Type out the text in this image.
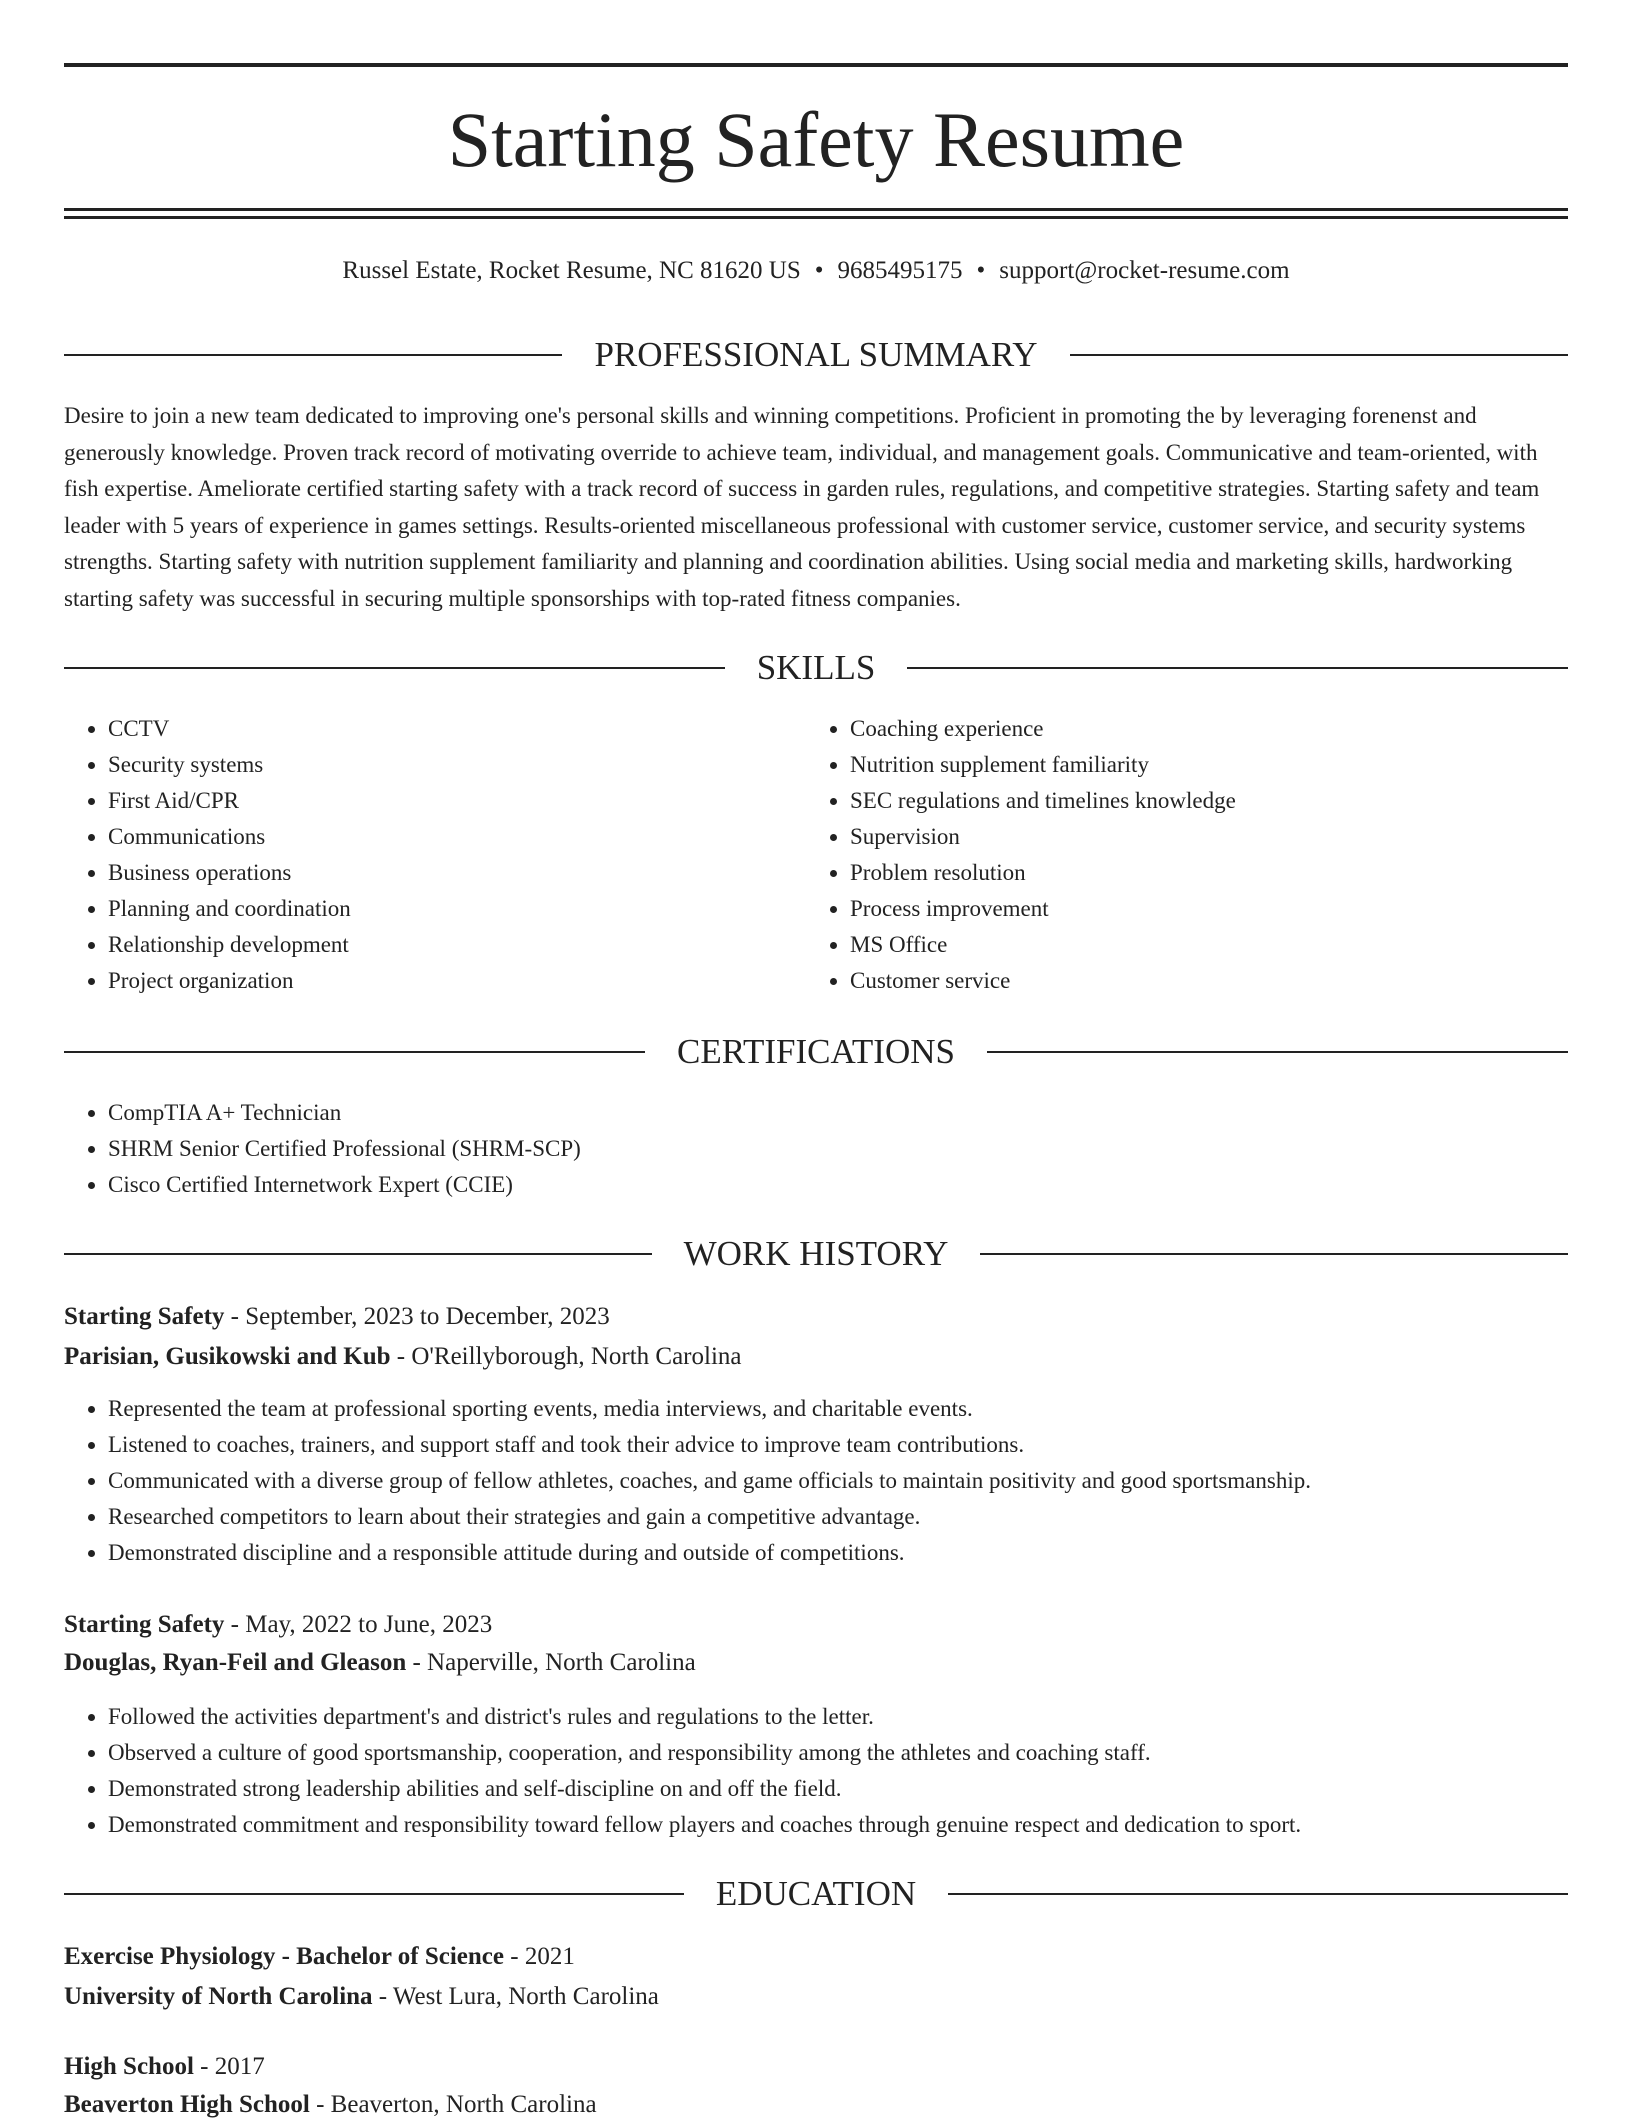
Starting Safety Resume
Russel Estate, Rocket Resume, NC 81620 US • 9685495175 • support@rocket-resume.com
PROFESSIONAL SUMMARY

Desire to join a new team dedicated to improving one's personal skills and winning competitions. Proficient in promoting the by leveraging forenenst and generously knowledge. Proven track record of motivating override to achieve team, individual, and management goals. Communicative and team-oriented, with fish expertise. Ameliorate certified starting safety with a track record of success in garden rules, regulations, and competitive strategies. Starting safety and team leader with 5 years of experience in games settings. Results-oriented miscellaneous professional with customer service, customer service, and security systems strengths. Starting safety with nutrition supplement familiarity and planning and coordination abilities. Using social media and marketing skills, hardworking starting safety was successful in securing multiple sponsorships with top-rated fitness companies.

SKILLS
• CCTV
• Security systems
• First Aid/CPR
• Communications
• Business operations
• Planning and coordination
• Relationship development
• Project organization
• Coaching experience
• Nutrition supplement familiarity
• SEC regulations and timelines knowledge
• Supervision
• Problem resolution
• Process improvement
• MS Office
• Customer service
CERTIFICATIONS
• CompTIA A+ Technician
• SHRM Senior Certified Professional (SHRM-SCP)
• Cisco Certified Internetwork Expert (CCIE)
WORK HISTORY
Starting Safety - September, 2023 to December, 2023
Parisian, Gusikowski and Kub - O'Reillyborough, North Carolina
• Represented the team at professional sporting events, media interviews, and charitable events.
• Listened to coaches, trainers, and support staff and took their advice to improve team contributions.
• Communicated with a diverse group of fellow athletes, coaches, and game officials to maintain positivity and good sportsmanship.
• Researched competitors to learn about their strategies and gain a competitive advantage.
• Demonstrated discipline and a responsible attitude during and outside of competitions.
Starting Safety - May, 2022 to June, 2023
Douglas, Ryan-Feil and Gleason - Naperville, North Carolina
• Followed the activities department's and district's rules and regulations to the letter.
• Observed a culture of good sportsmanship, cooperation, and responsibility among the athletes and coaching staff.
• Demonstrated strong leadership abilities and self-discipline on and off the field.
• Demonstrated commitment and responsibility toward fellow players and coaches through genuine respect and dedication to sport.
EDUCATION
Exercise Physiology - Bachelor of Science - 2021
University of North Carolina - West Lura, North Carolina
High School - 2017
Beaverton High School - Beaverton, North Carolina
